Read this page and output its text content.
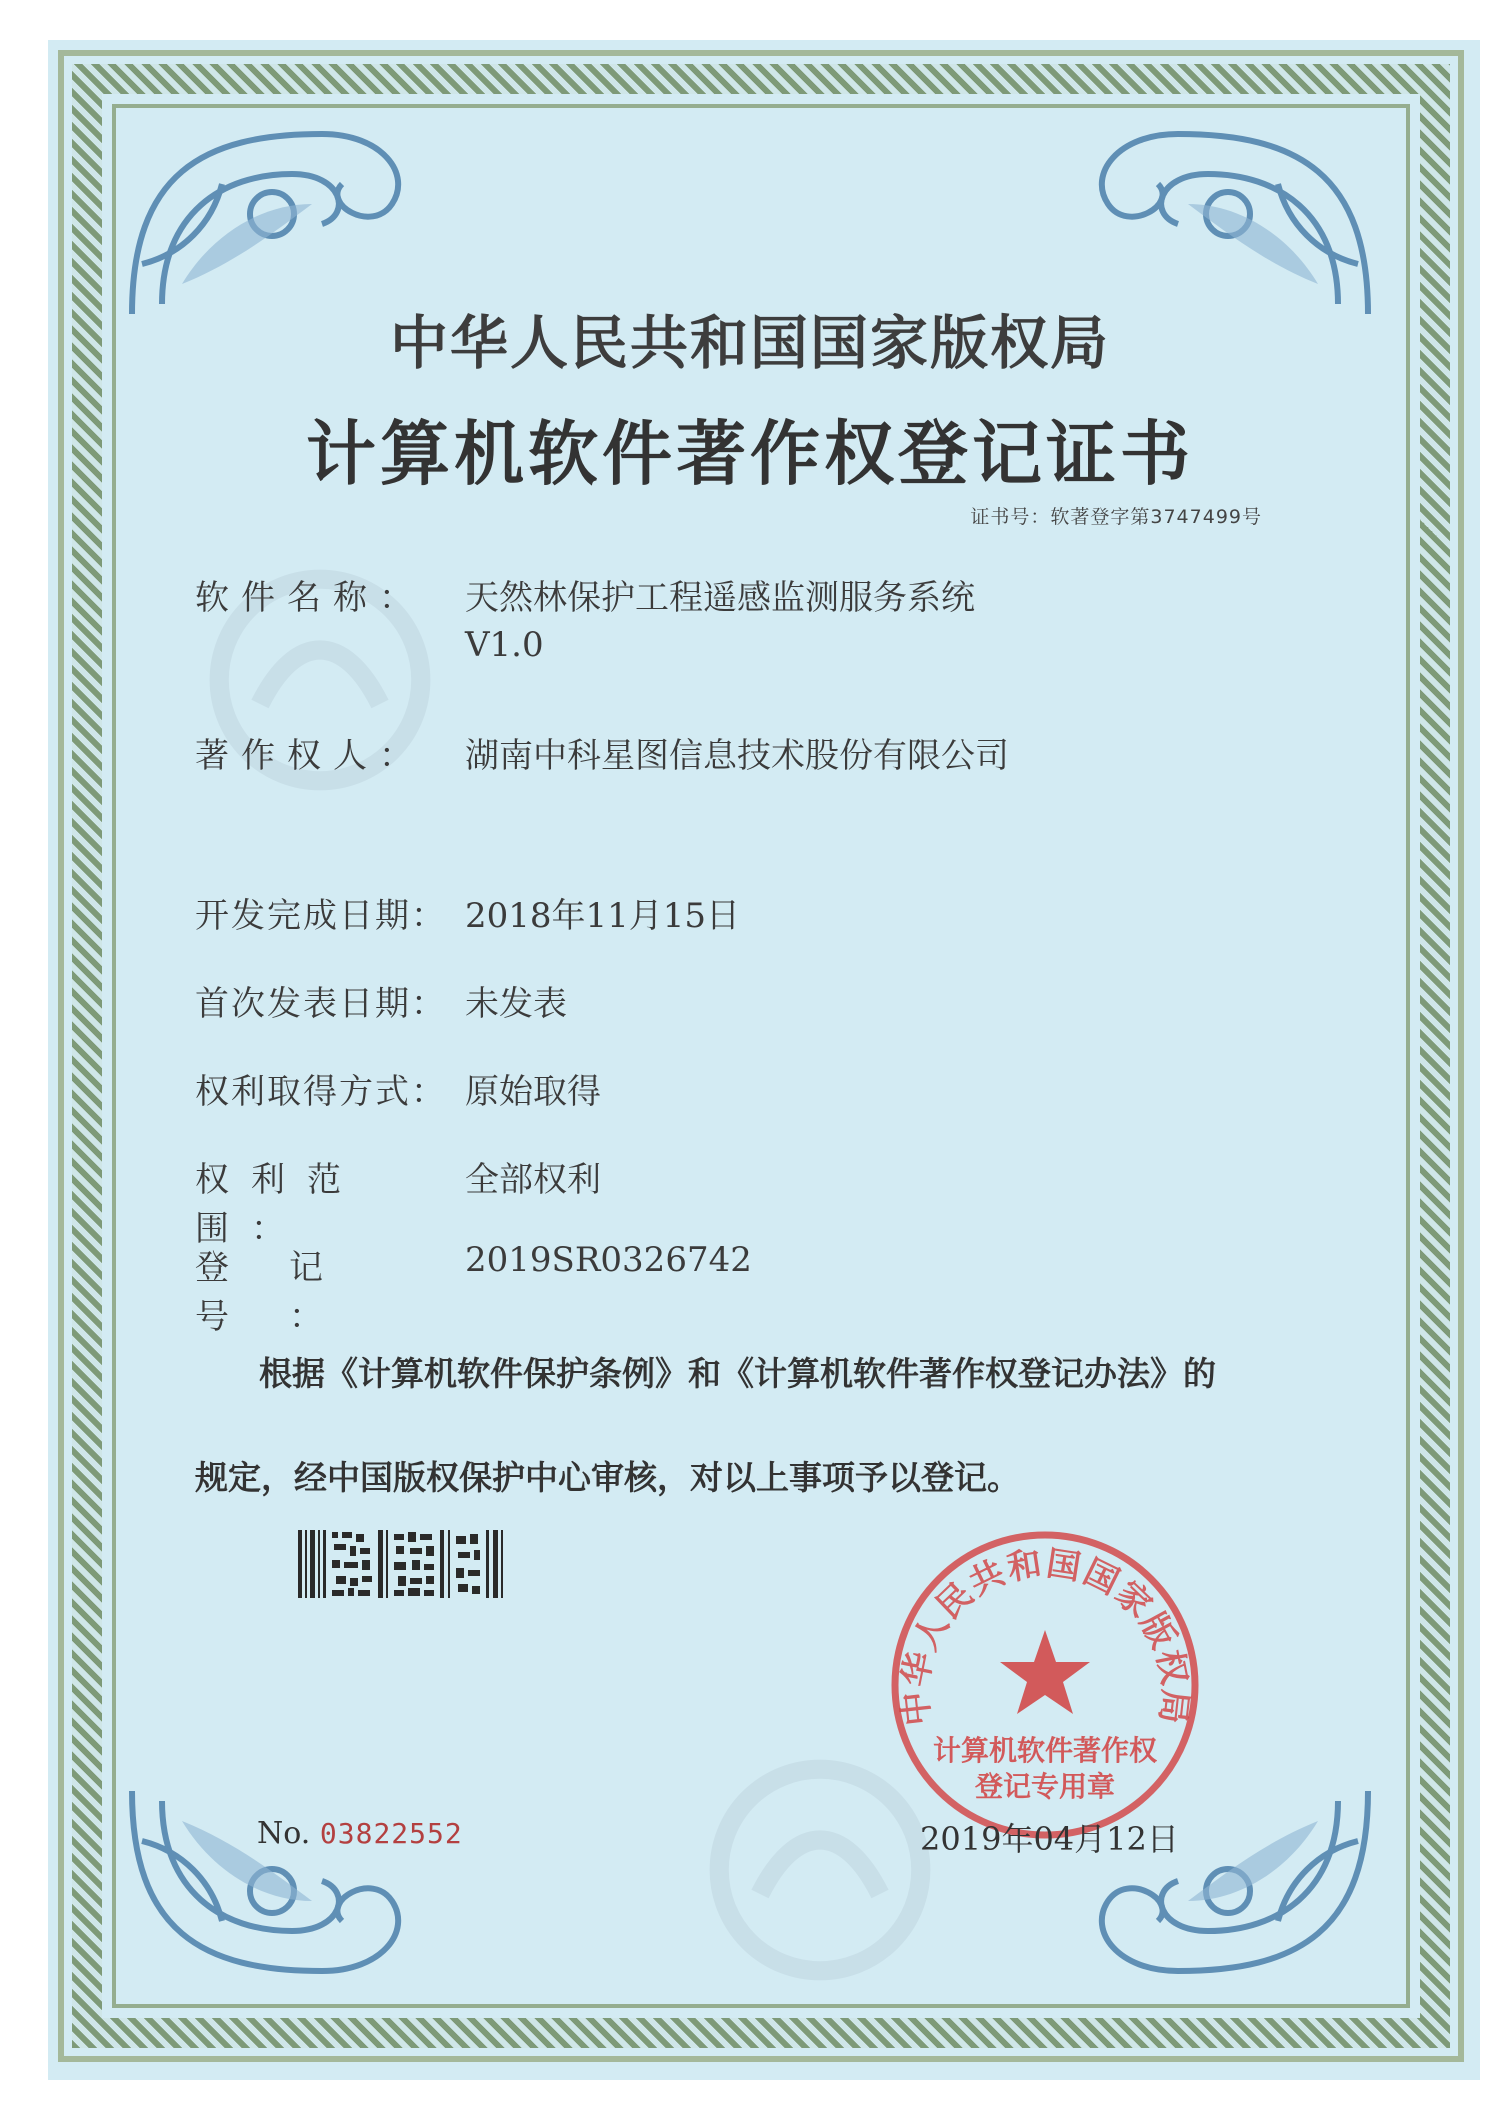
中华人民共和国国家版权局
计算机软件著作权登记证书
证书号：软著登字第3747499号
软件名称：	天然林保护工程遥感监测服务系统
V1.0
著作权人：	湖南中科星图信息技术股份有限公司
开发完成日期： 2018年11月15日
首次发表日期： 未发表
权利取得方式： 原始取得
权利范围：
全部权利
登记号：
2019SR0326742
根据《计算机软件保护条例》和《计算机软件著作权登记办法》的
规定，经中国版权保护中心审核，对以上事项予以登记。
中华人民共和国国家版权局
计算机软件著作权
登记专用章
No. 03822552	2019年04月12日
